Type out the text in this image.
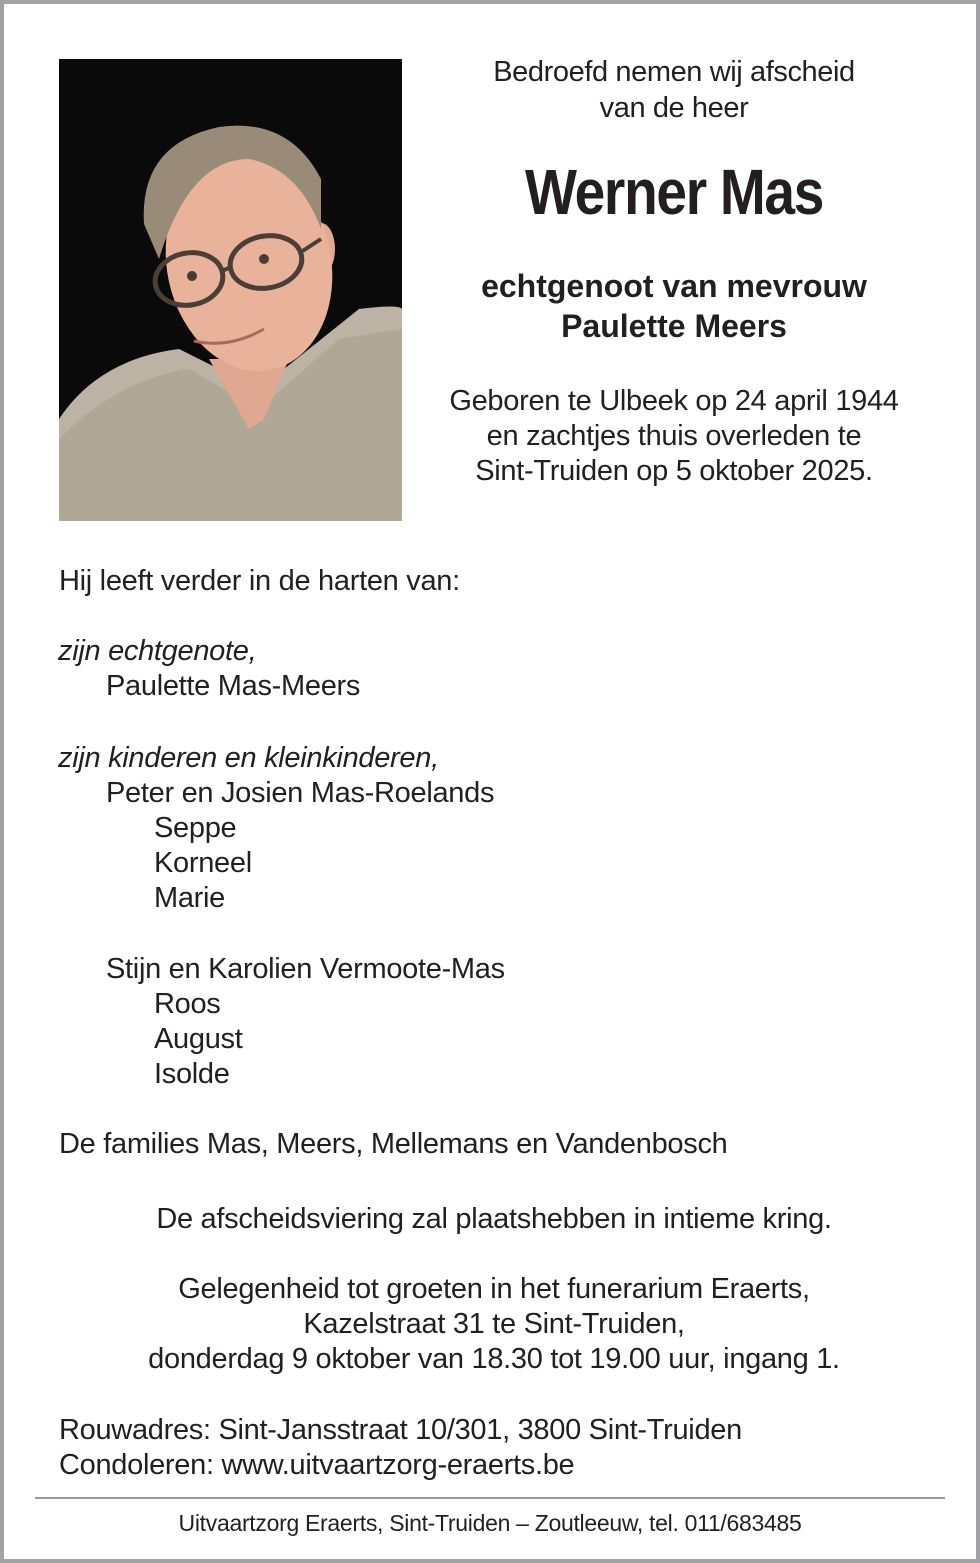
Bedroefd nemen wij afscheid
van de heer
Werner Mas
echtgenoot van mevrouw
Paulette Meers
Geboren te Ulbeek op 24 april 1944
en zachtjes thuis overleden te
Sint-Truiden op 5 oktober 2025.
Hij leeft verder in de harten van:
zijn echtgenote,
Paulette Mas-Meers
zijn kinderen en kleinkinderen,
Peter en Josien Mas-Roelands
Seppe
Korneel
Marie
Stijn en Karolien Vermoote-Mas
Roos
August
Isolde
De families Mas, Meers, Mellemans en Vandenbosch
De afscheidsviering zal plaatshebben in intieme kring.
Gelegenheid tot groeten in het funerarium Eraerts,
Kazelstraat 31 te Sint-Truiden,
donderdag 9 oktober van 18.30 tot 19.00 uur, ingang 1.
Rouwadres: Sint-Jansstraat 10/301, 3800 Sint-Truiden
Condoleren: www.uitvaartzorg-eraerts.be
Uitvaartzorg Eraerts, Sint-Truiden – Zoutleeuw, tel. 011/683485
